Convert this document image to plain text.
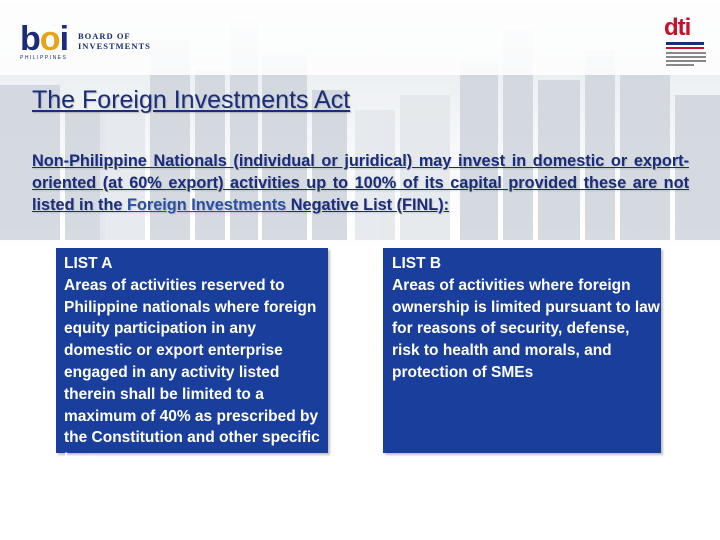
boi BOARD OF
INVESTMENTS
PHILIPPINES
dti
The Foreign Investments Act

Non-Philippine Nationals (individual or juridical) may invest in domestic or export-oriented (at 60% export) activities up to 100% of its capital provided these are not listed in the Foreign Investments Negative List (FINL):

LIST A
Areas of activities reserved to Philippine nationals where foreign equity participation in any domestic or export enterprise engaged in any activity listed therein shall be limited to a maximum of 40% as prescribed by the Constitution and other specific laws.
LIST B
Areas of activities where foreign ownership is limited pursuant to law for reasons of security, defense, risk to health and morals, and protection of SMEs
